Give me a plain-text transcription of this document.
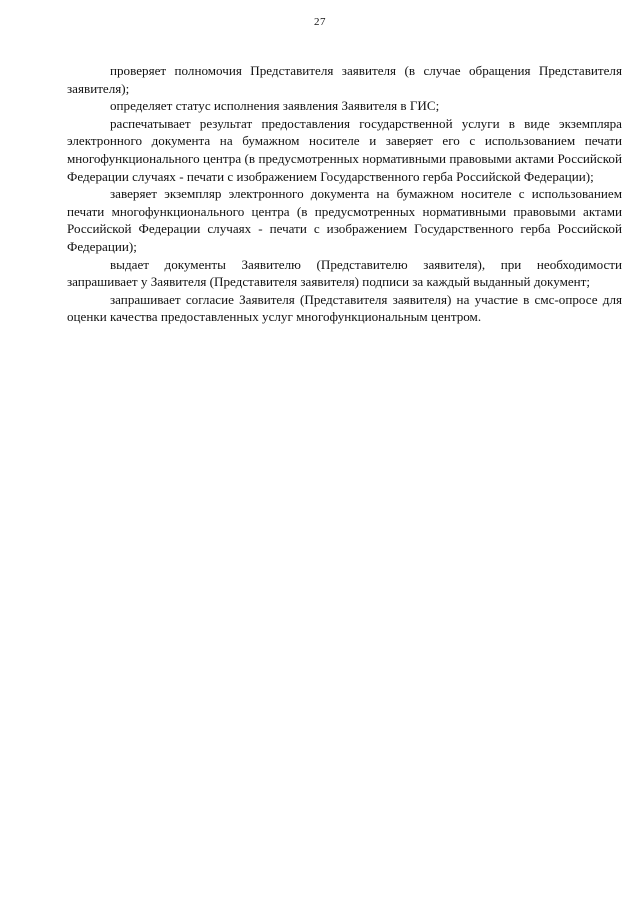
27

проверяет полномочия Представителя заявителя (в случае обращения Представителя заявителя);

определяет статус исполнения заявления Заявителя в ГИС;

распечатывает результат предоставления государственной услуги в виде экземпляра электронного документа на бумажном носителе и заверяет его с использованием печати многофункционального центра (в предусмотренных нормативными правовыми актами Российской Федерации случаях - печати с изображением Государственного герба Российской Федерации);

заверяет экземпляр электронного документа на бумажном носителе с использованием печати многофункционального центра (в предусмотренных нормативными правовыми актами Российской Федерации случаях - печати с изображением Государственного герба Российской Федерации);

выдает документы Заявителю (Представителю заявителя), при необходимости запрашивает у Заявителя (Представителя заявителя) подписи за каждый выданный документ;

запрашивает согласие Заявителя (Представителя заявителя) на участие в смс-опросе для оценки качества предоставленных услуг многофункциональным центром.
